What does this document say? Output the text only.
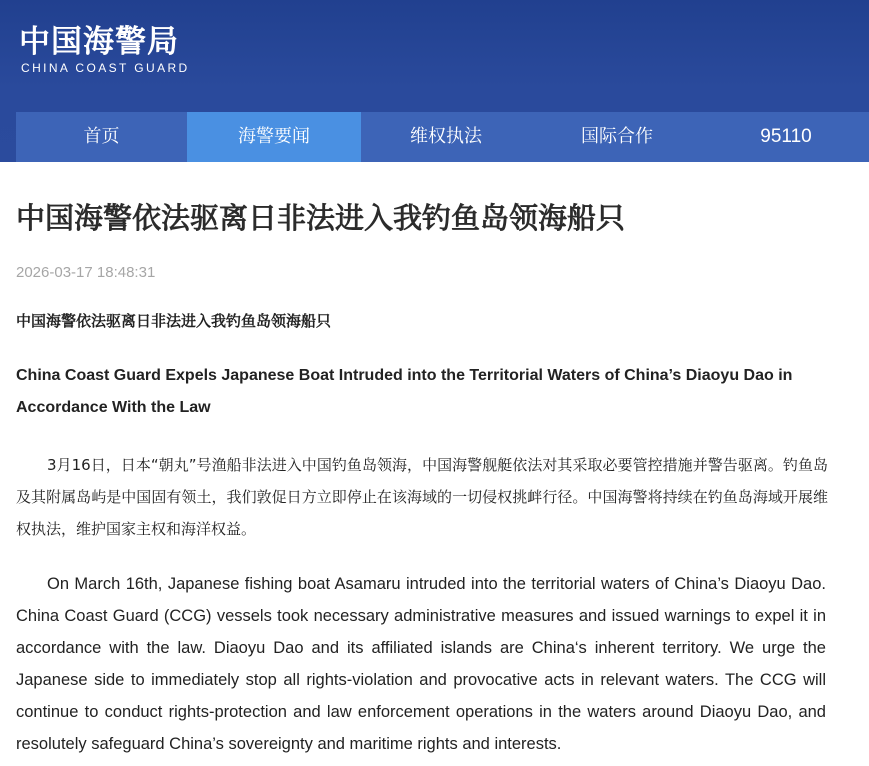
中国海警局
CHINA COAST GUARD
首页	海警要闻	维权执法	国际合作	95110
中国海警依法驱离日非法进入我钓鱼岛领海船只
2026-03-17 18:48:31
中国海警依法驱离日非法进入我钓鱼岛领海船只
China Coast Guard Expels Japanese Boat Intruded into the Territorial Waters of China’s Diaoyu Dao in Accordance With the Law
3月16日，日本“朝丸”号渔船非法进入中国钓鱼岛领海，中国海警舰艇依法对其采取必要管控措施并警告驱离。钓鱼岛及其附属岛屿是中国固有领土，我们敦促日方立即停止在该海域的一切侵权挑衅行径。中国海警将持续在钓鱼岛海域开展维权执法，维护国家主权和海洋权益。
On March 16th, Japanese fishing boat Asamaru intruded into the territorial waters of China’s Diaoyu Dao. China Coast Guard (CCG) vessels took necessary administrative measures and issued warnings to expel it in accordance with the law. Diaoyu Dao and its affiliated islands are China‘s inherent territory. We urge the Japanese side to immediately stop all rights-violation and provocative acts in relevant waters. The CCG will continue to conduct rights-protection and law enforcement operations in the waters around Diaoyu Dao, and resolutely safeguard China’s sovereignty and maritime rights and interests.
